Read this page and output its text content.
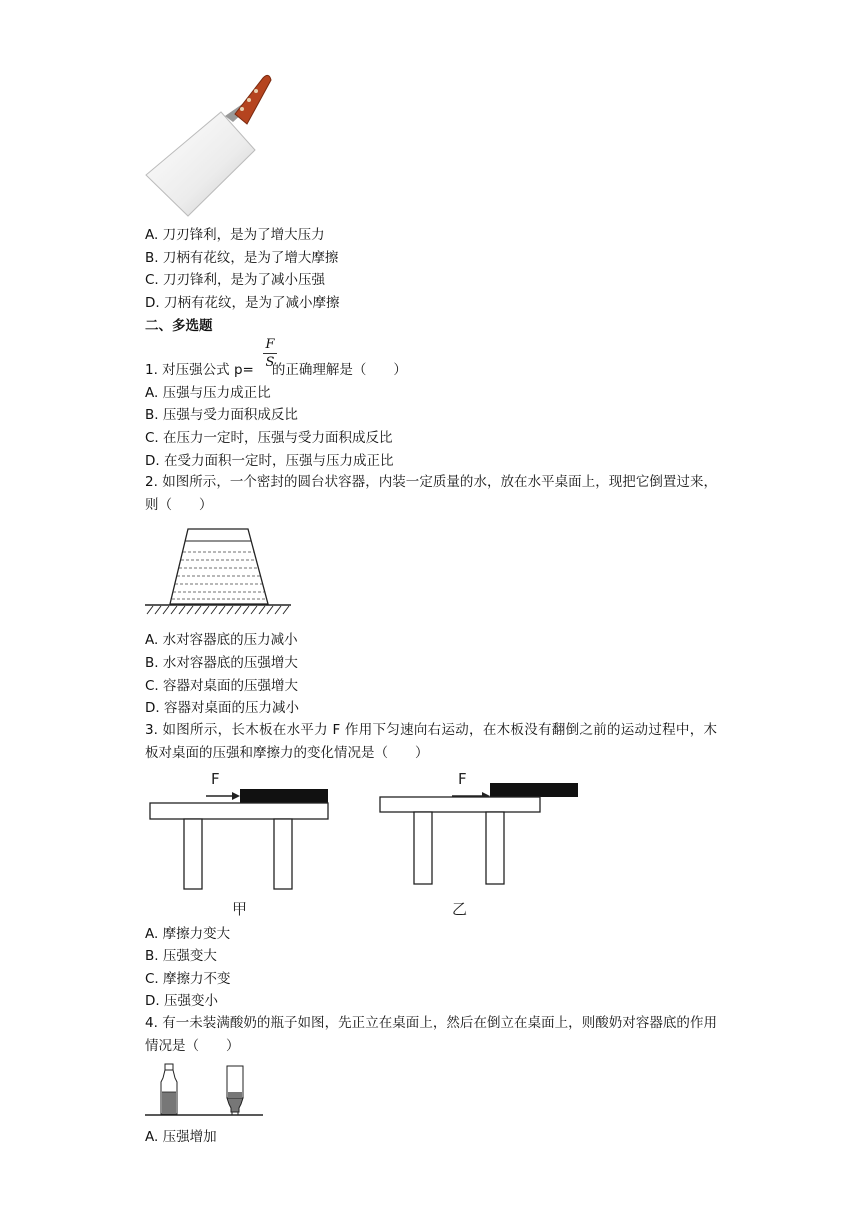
A. 刀刃锋利，是为了增大压力
B. 刀柄有花纹，是为了增大摩擦
C. 刀刃锋利，是为了减小压强
D. 刀柄有花纹，是为了减小摩擦
二、多选题
1. 对压强公式 p= 的正确理解是（　　）
F
S
A. 压强与压力成正比
B. 压强与受力面积成反比
C. 在压力一定时，压强与受力面积成反比
D. 在受力面积一定时，压强与压力成正比
2. 如图所示，一个密封的圆台状容器，内装一定质量的水，放在水平桌面上，现把它倒置过来，则（　　）
A. 水对容器底的压力减小
B. 水对容器底的压强增大
C. 容器对桌面的压强增大
D. 容器对桌面的压力减小
3. 如图所示，长木板在水平力 F 作用下匀速向右运动，在木板没有翻倒之前的运动过程中，木板对桌面的压强和摩擦力的变化情况是（　　）
F
甲
F
乙
A. 摩擦力变大
B. 压强变大
C. 摩擦力不变
D. 压强变小
4. 有一未装满酸奶的瓶子如图，先正立在桌面上，然后在倒立在桌面上，则酸奶对容器底的作用情况是（　　）
A. 压强增加
